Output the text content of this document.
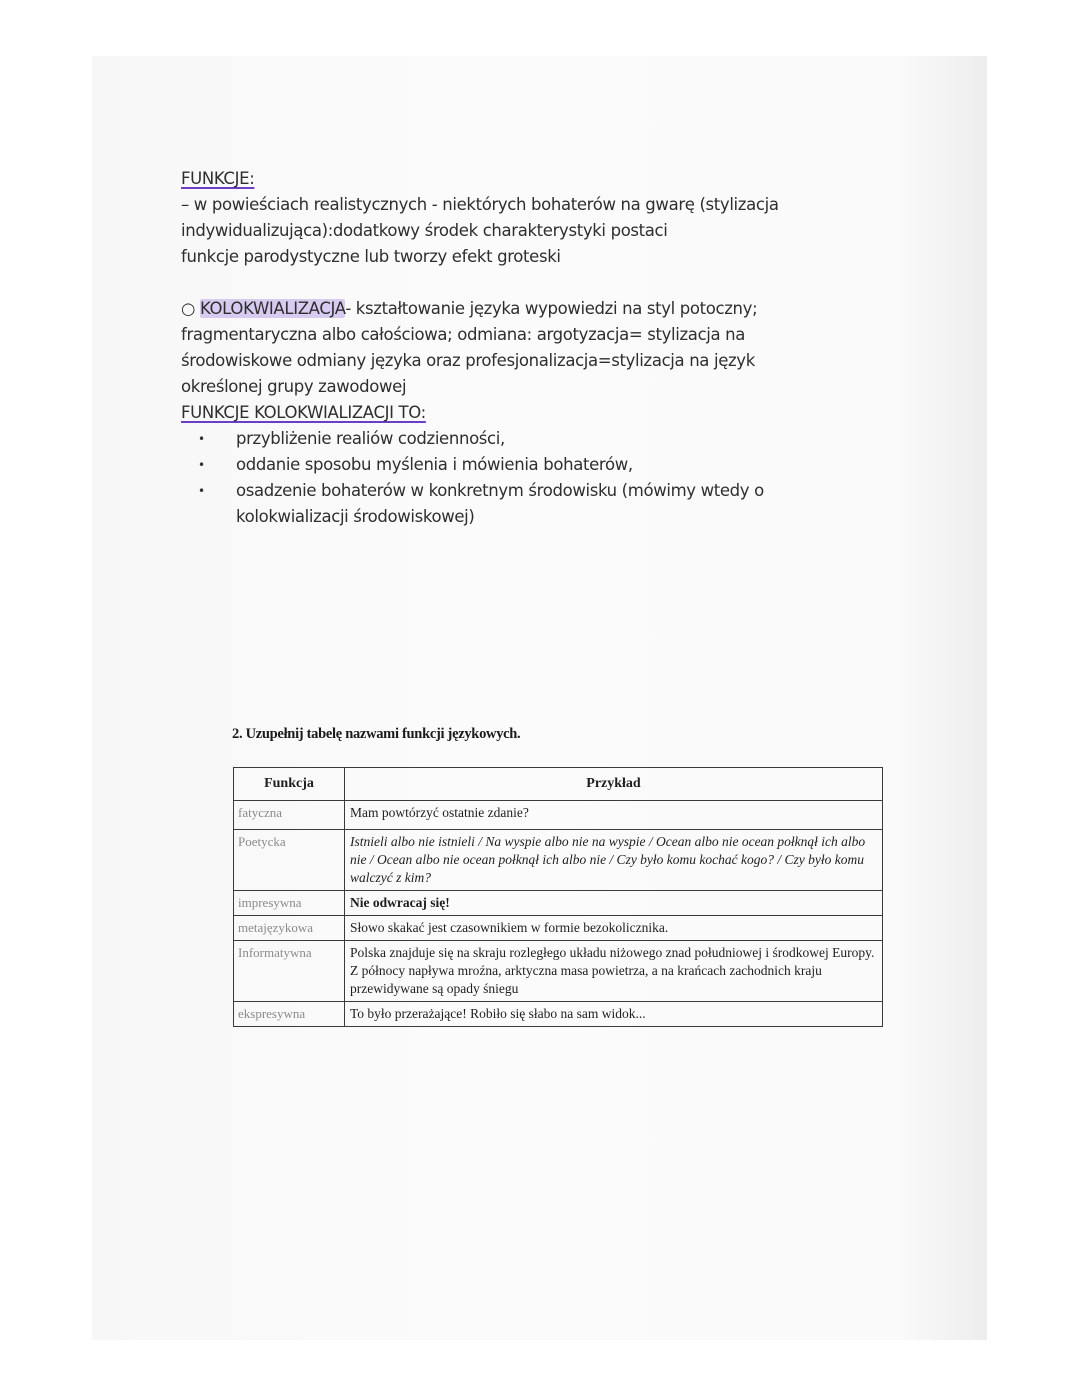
FUNKCJE:
– w powieściach realistycznych - niektórych bohaterów na gwarę (stylizacja
indywidualizująca):dodatkowy środek charakterystyki postaci
funkcje parodystyczne lub tworzy efekt groteski
○ KOLOKWIALIZACJA- kształtowanie języka wypowiedzi na styl potoczny;
fragmentaryczna albo całościowa; odmiana: argotyzacja= stylizacja na
środowiskowe odmiany języka oraz profesjonalizacja=stylizacja na język
określonej grupy zawodowej
FUNKCJE KOLOKWIALIZACJI TO:
• przybliżenie realiów codzienności,
• oddanie sposobu myślenia i mówienia bohaterów,
• osadzenie bohaterów w konkretnym środowisku (mówimy wtedy o
kolokwializacji środowiskowej)
2. Uzupełnij tabelę nazwami funkcji językowych.
Funkcja	Przykład
fatyczna	Mam powtórzyć ostatnie zdanie?
Poetycka	Istnieli albo nie istnieli / Na wyspie albo nie na wyspie / Ocean albo nie ocean połknął ich albo nie / Ocean albo nie ocean połknął ich albo nie / Czy było komu kochać kogo? / Czy było komu walczyć z kim?
impresywna	Nie odwracaj się!
metajęzykowa	Słowo skakać jest czasownikiem w formie bezokolicznika.
Informatywna	Polska znajduje się na skraju rozległego układu niżowego znad południowej i środkowej Europy. Z północy napływa mroźna, arktyczna masa powietrza, a na krańcach zachodnich kraju przewidywane są opady śniegu
ekspresywna	To było przerażające! Robiło się słabo na sam widok...
